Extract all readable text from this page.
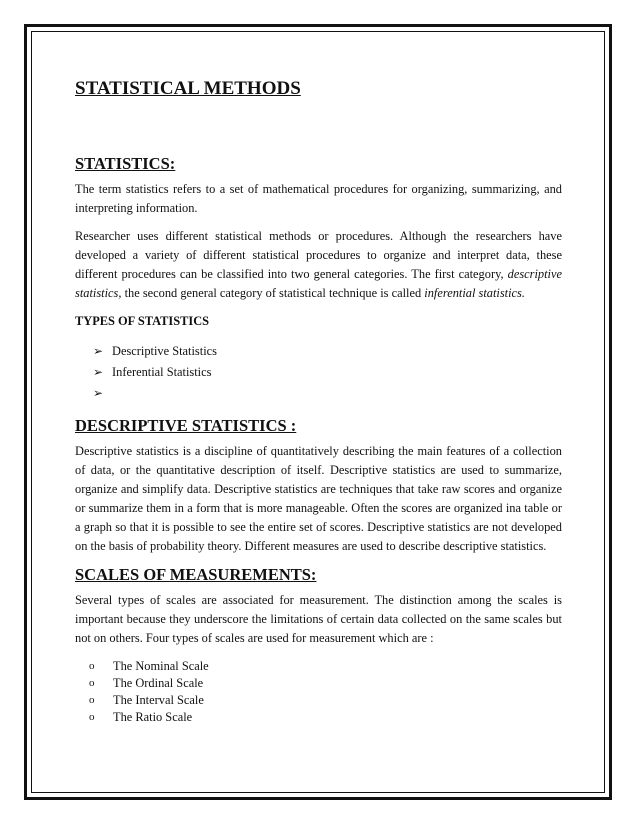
STATISTICAL METHODS
STATISTICS:

The term statistics refers to a set of mathematical procedures for organizing, summarizing, and interpreting information.

Researcher uses different statistical methods or procedures. Although the researchers have developed a variety of different statistical procedures to organize and interpret data, these different procedures can be classified into two general categories. The first category, descriptive statistics, the second general category of statistical technique is called inferential statistics.

TYPES OF STATISTICS
➢ Descriptive Statistics
➢ Inferential Statistics
➢
DESCRIPTIVE STATISTICS :

Descriptive statistics is a discipline of quantitatively describing the main features of a collection of data, or the quantitative description of itself. Descriptive statistics are used to summarize, organize and simplify data. Descriptive statistics are techniques that take raw scores and organize or summarize them in a form that is more manageable. Often the scores are organized ina table or a graph so that it is possible to see the entire set of scores. Descriptive statistics are not developed on the basis of probability theory. Different measures are used to describe descriptive statistics.

SCALES OF MEASUREMENTS:

Several types of scales are associated for measurement. The distinction among the scales is important because they underscore the limitations of certain data collected on the same scales but not on others. Four types of scales are used for measurement which are :

o The Nominal Scale
o The Ordinal Scale
o The Interval Scale
o The Ratio Scale
